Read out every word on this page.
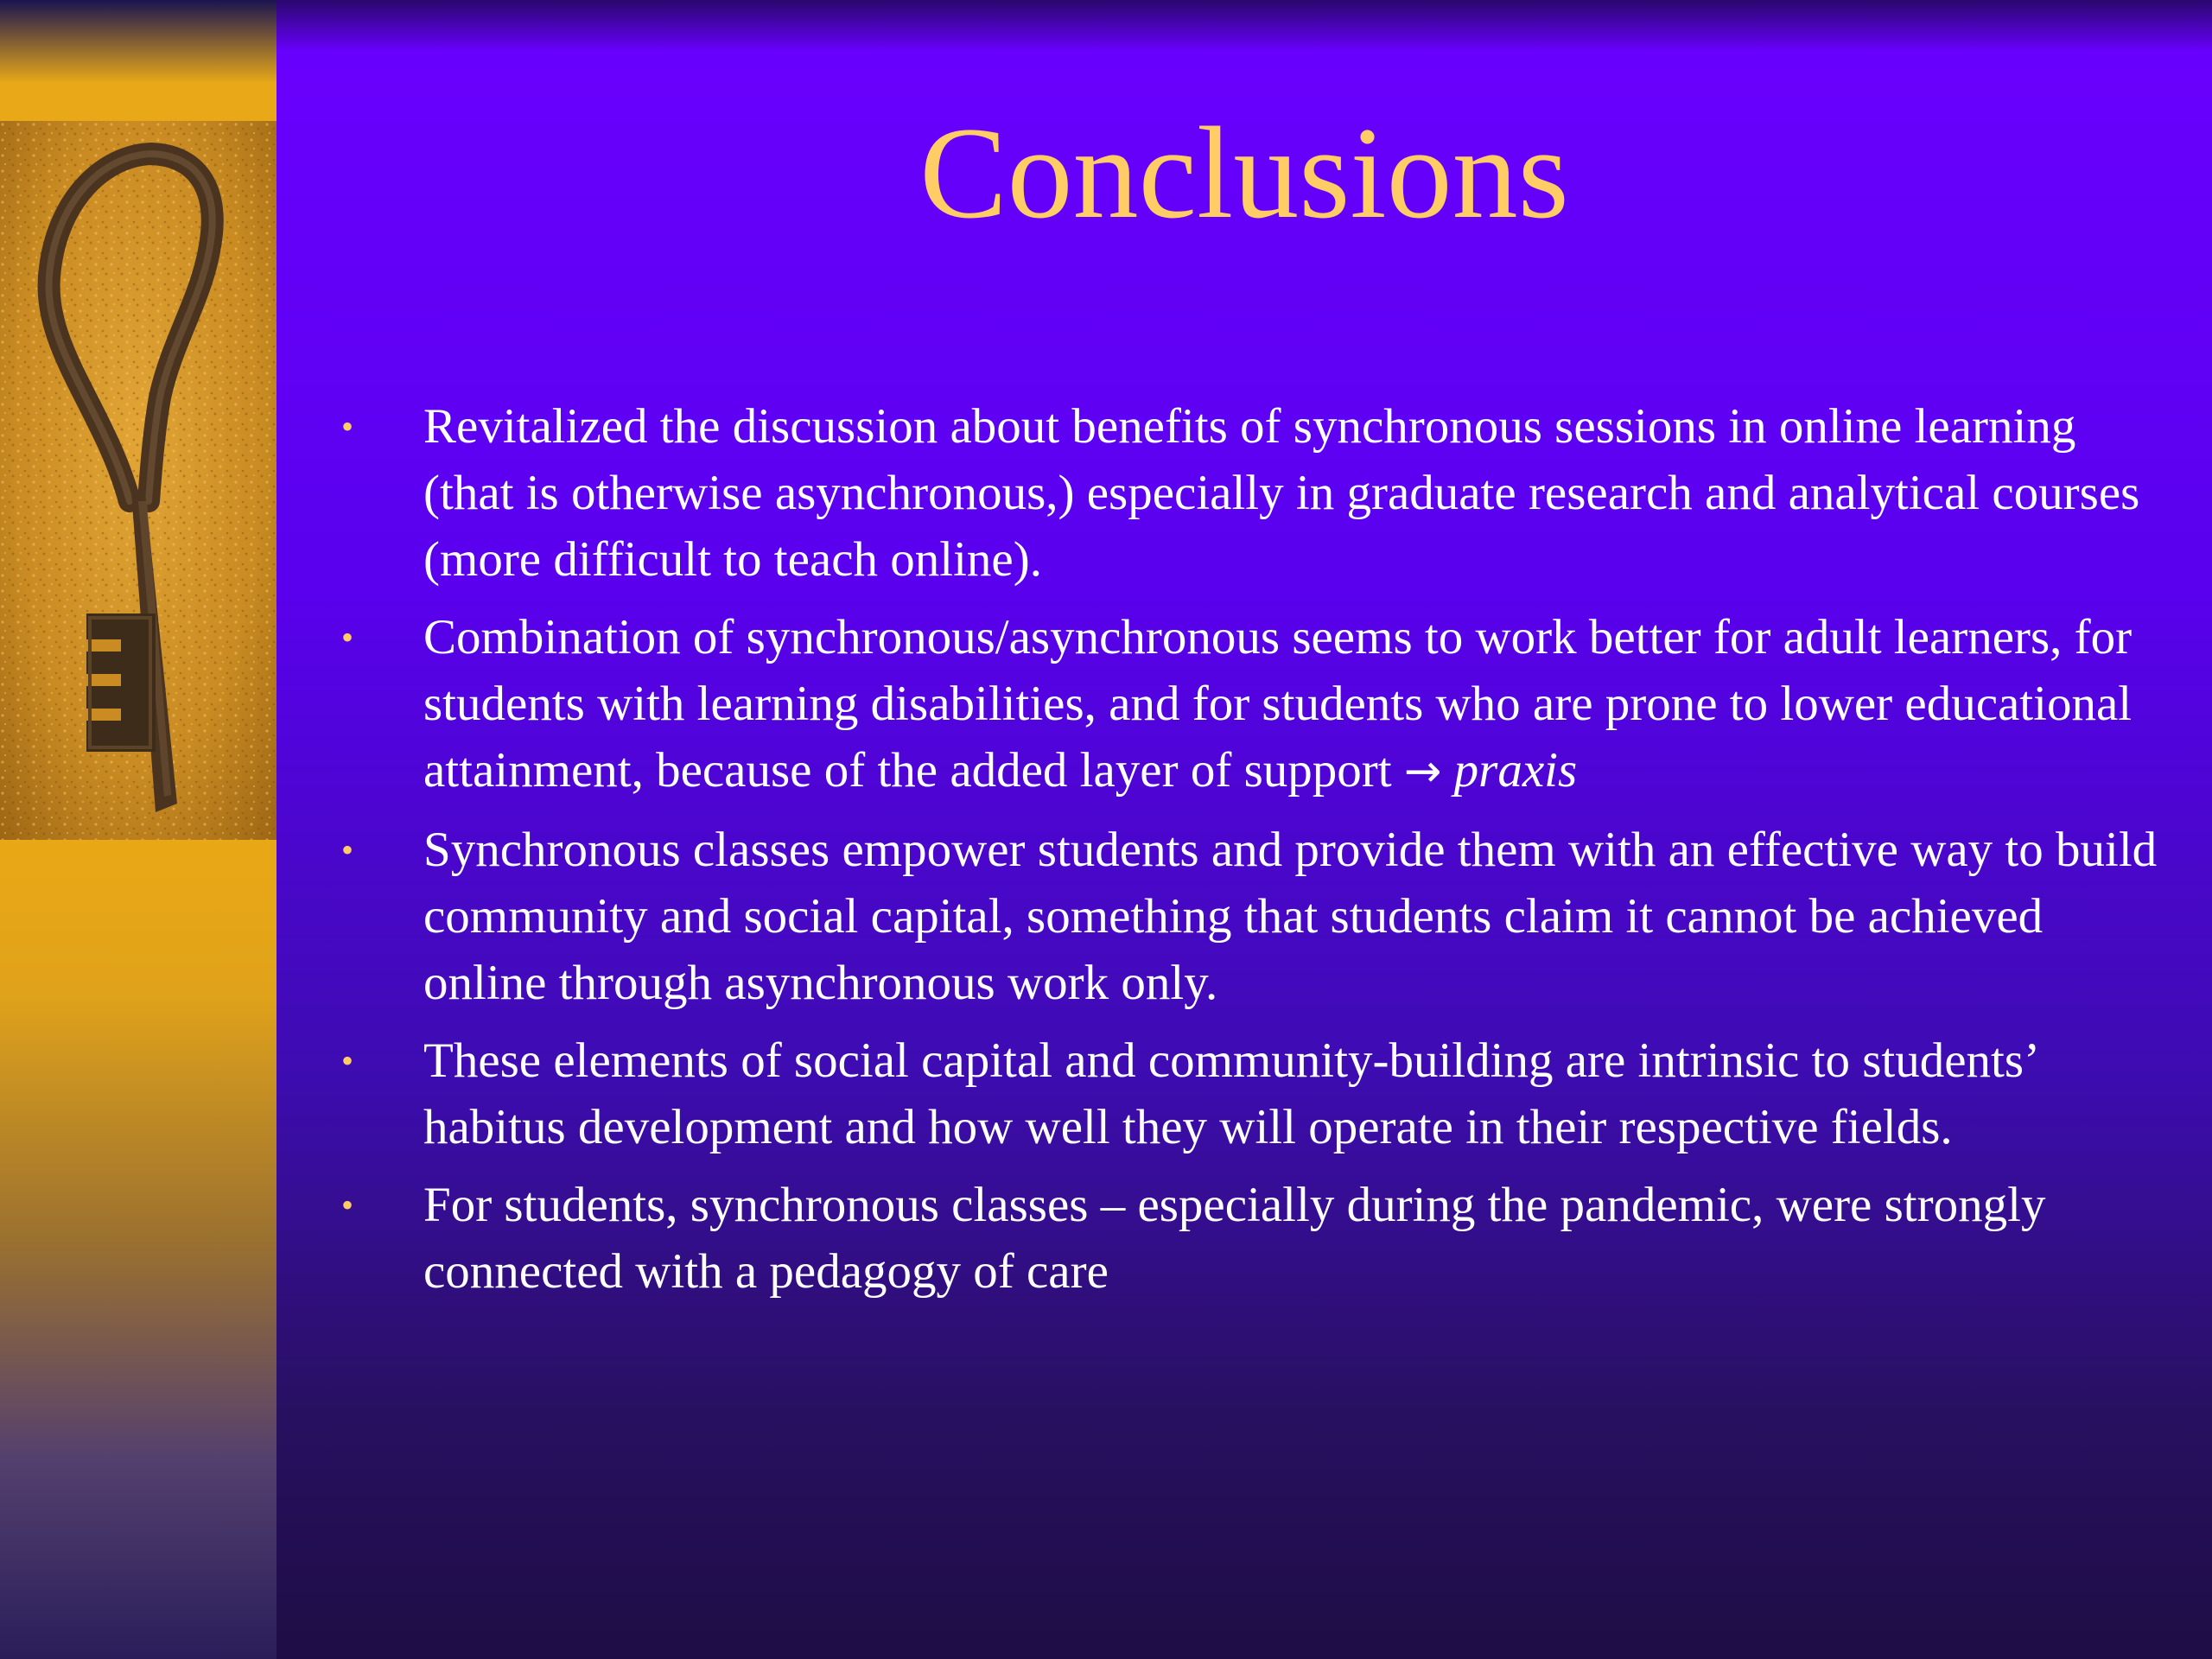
Conclusions
• Revitalized the discussion about benefits of synchronous sessions in online learning (that is otherwise asynchronous,) especially in graduate research and analytical courses (more difficult to teach online).
• Combination of synchronous/asynchronous seems to work better for adult learners, for students with learning disabilities, and for students who are prone to lower educational attainment, because of the added layer of support → praxis
• Synchronous classes empower students and provide them with an effective way to build community and social capital, something that students claim it cannot be achieved online through asynchronous work only.
• These elements of social capital and community-building are intrinsic to students’ habitus development and how well they will operate in their respective fields.
• For students, synchronous classes – especially during the pandemic, were strongly connected with a pedagogy of care
